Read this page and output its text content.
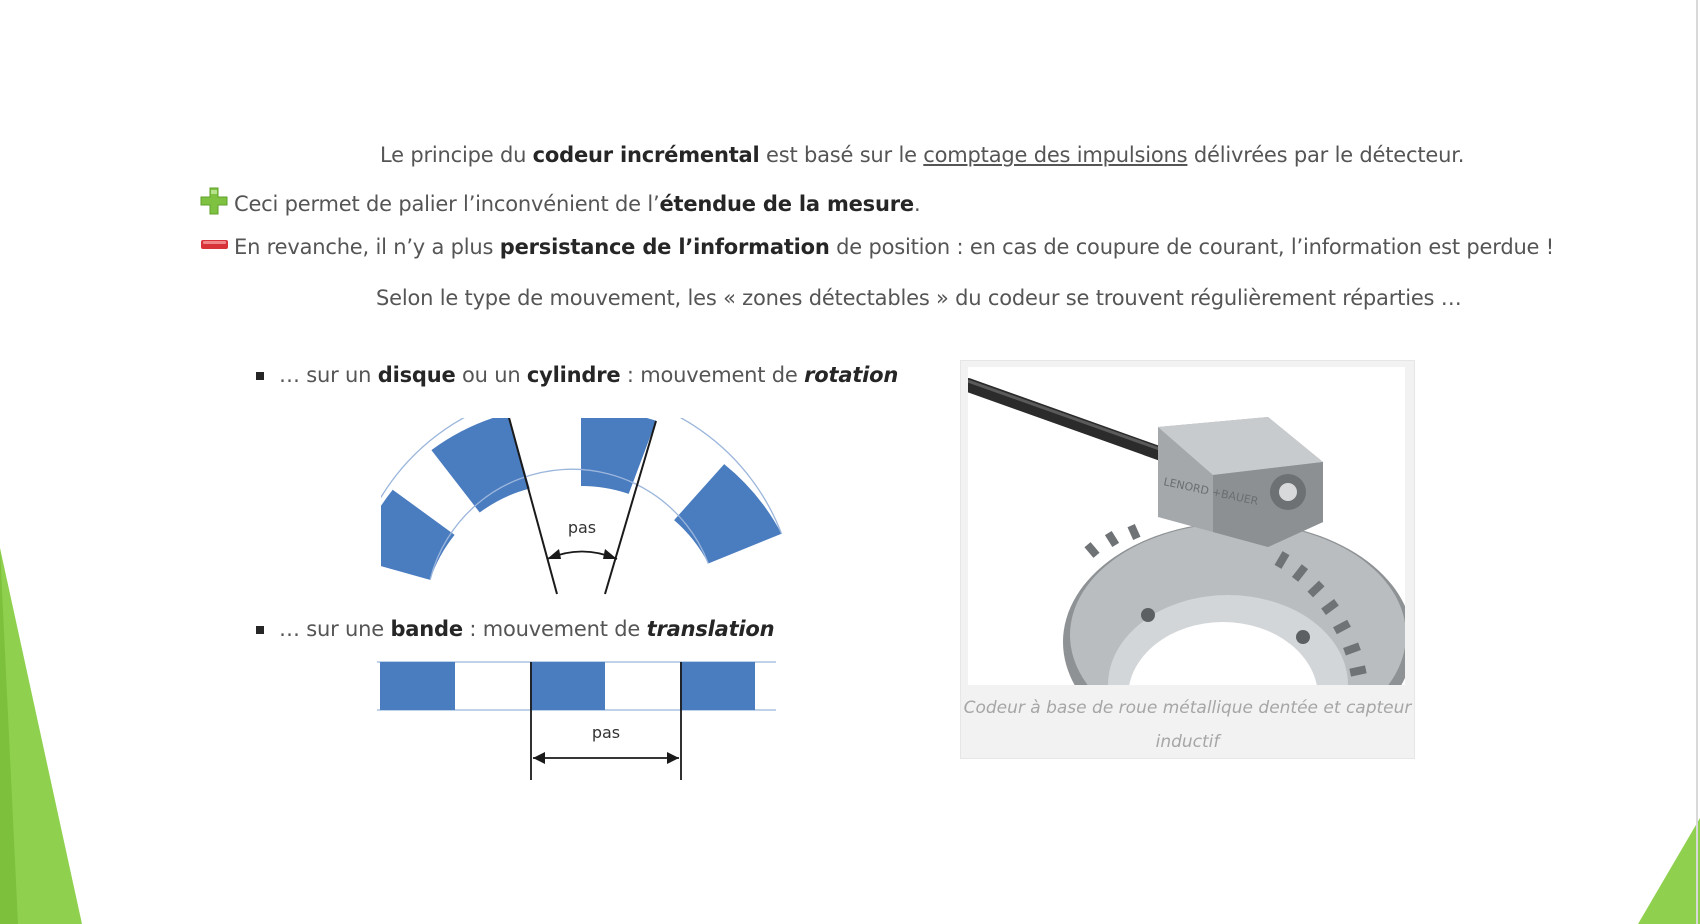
Le principe du codeur incrémental est basé sur le comptage des impulsions délivrées par le détecteur.
Ceci permet de palier l’inconvénient de l’étendue de la mesure.
En revanche, il n’y a plus persistance de l’information de position : en cas de coupure de courant, l’information est perdue !
Selon le type de mouvement, les « zones détectables » du codeur se trouvent régulièrement réparties …
… sur un disque ou un cylindre : mouvement de rotation
pas
… sur une bande : mouvement de translation
pas
LENORD +BAUER
Codeur à base de roue métallique dentée et capteur inductif
